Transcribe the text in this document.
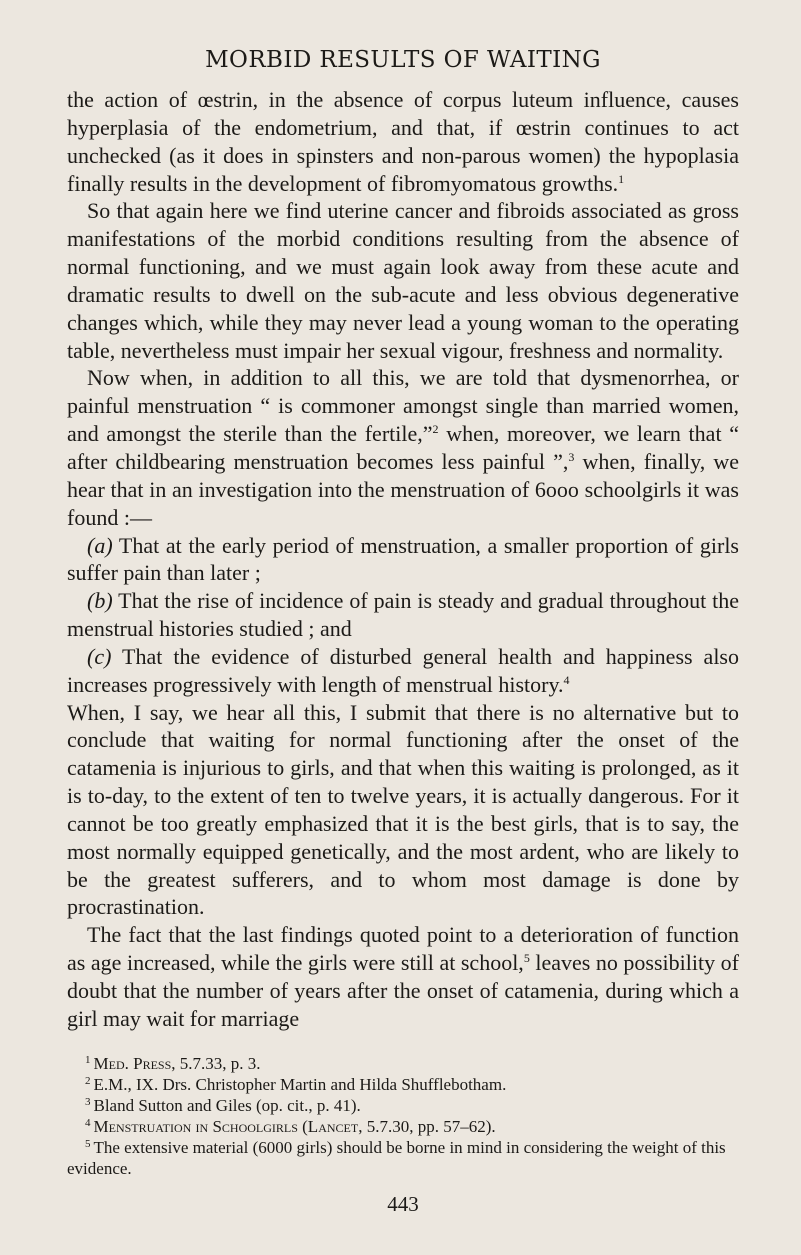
MORBID RESULTS OF WAITING

the action of œstrin, in the absence of corpus luteum influence, causes hyperplasia of the endometrium, and that, if œstrin continues to act unchecked (as it does in spinsters and non-parous women) the hypoplasia finally results in the development of fibromyomatous growths.$^1$

So that again here we find uterine cancer and fibroids associated as gross manifestations of the morbid conditions resulting from the absence of normal functioning, and we must again look away from these acute and dramatic results to dwell on the sub-acute and less obvious degenerative changes which, while they may never lead a young woman to the operating table, nevertheless must impair her sexual vigour, freshness and normality.

Now when, in addition to all this, we are told that dysmenorrhea, or painful menstruation “ is commoner amongst single than married women, and amongst the sterile than the fertile,”$^2$ when, moreover, we learn that “ after childbearing menstruation becomes less painful ”,$^3$ when, finally, we hear that in an investigation into the menstruation of 6ooo schoolgirls it was found :—

(a) That at the early period of menstruation, a smaller proportion of girls suffer pain than later ;

(b) That the rise of incidence of pain is steady and gradual throughout the menstrual histories studied ; and

(c) That the evidence of disturbed general health and happiness also increases progressively with length of menstrual history.$^4$

When, I say, we hear all this, I submit that there is no alternative but to conclude that waiting for normal functioning after the onset of the catamenia is injurious to girls, and that when this waiting is prolonged, as it is to-day, to the extent of ten to twelve years, it is actually dangerous. For it cannot be too greatly emphasized that it is the best girls, that is to say, the most normally equipped genetically, and the most ardent, who are likely to be the greatest sufferers, and to whom most damage is done by procrastination.

The fact that the last findings quoted point to a deterioration of function as age increased, while the girls were still at school,$^5$ leaves no possibility of doubt that the number of years after the onset of catamenia, during which a girl may wait for marriage

$^1$ Med. Press, 5.7.33, p. 3.

$^2$ E.M., IX. Drs. Christopher Martin and Hilda Shufflebotham.

$^3$ Bland Sutton and Giles (op. cit., p. 41).

$^4$ Menstruation in Schoolgirls (Lancet, 5.7.30, pp. 57–62).

$^5$ The extensive material (6000 girls) should be borne in mind in considering the weight of this evidence.

443
